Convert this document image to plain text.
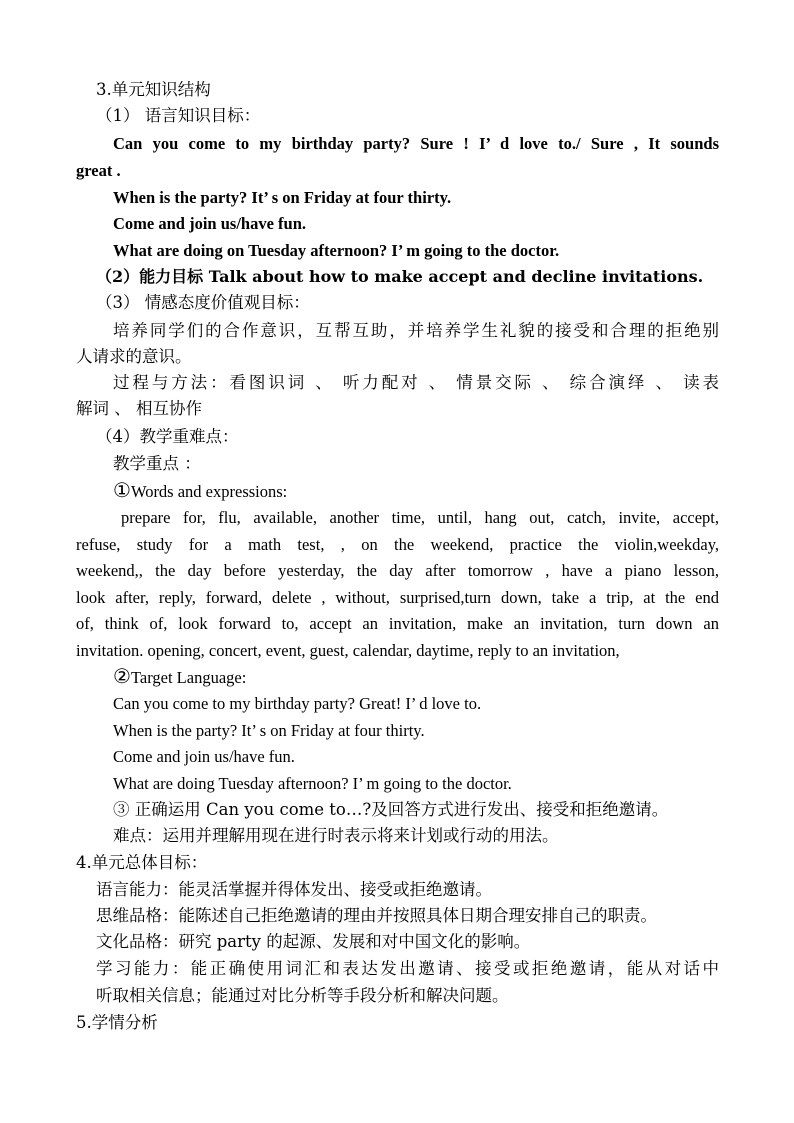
3.单元知识结构
（1） 语言知识目标：
Can you come to my birthday party? Sure ! I’ d love to./ Sure , It sounds
great .
When is the party? It’ s on Friday at four thirty.
Come and join us/have fun.
What are doing on Tuesday afternoon? I’ m going to the doctor.
（2）能力目标 Talk about how to make accept and decline invitations.
（3） 情感态度价值观目标：
培养同学们的合作意识，互帮互助，并培养学生礼貌的接受和合理的拒绝别
人请求的意识。
过程与方法：看图识词 、 听力配对 、 情景交际 、 综合演绎 、 读表
解词 、 相互协作
（4）教学重难点：
教学重点 ：
①Words and expressions:
prepare for, flu, available, another time, until, hang out, catch, invite, accept,
refuse, study for a math test, , on the weekend, practice the violin,weekday,
weekend,, the day before yesterday, the day after tomorrow , have a piano lesson,
look after, reply, forward, delete , without, surprised,turn down, take a trip, at the end
of, think of, look forward to, accept an invitation, make an invitation, turn down an
invitation. opening, concert, event, guest, calendar, daytime, reply to an invitation,
②Target Language:
Can you come to my birthday party? Great! I’ d love to.
When is the party? It’ s on Friday at four thirty.
Come and join us/have fun.
What are doing Tuesday afternoon? I’ m going to the doctor.
③ 正确运用 Can you come to…?及回答方式进行发出、接受和拒绝邀请。
难点：运用并理解用现在进行时表示将来计划或行动的用法。
4.单元总体目标：
语言能力：能灵活掌握并得体发出、接受或拒绝邀请。
思维品格：能陈述自己拒绝邀请的理由并按照具体日期合理安排自己的职责。
文化品格：研究 party 的起源、发展和对中国文化的影响。
学习能力：能正确使用词汇和表达发出邀请、接受或拒绝邀请，能从对话中
听取相关信息；能通过对比分析等手段分析和解决问题。
5.学情分析
